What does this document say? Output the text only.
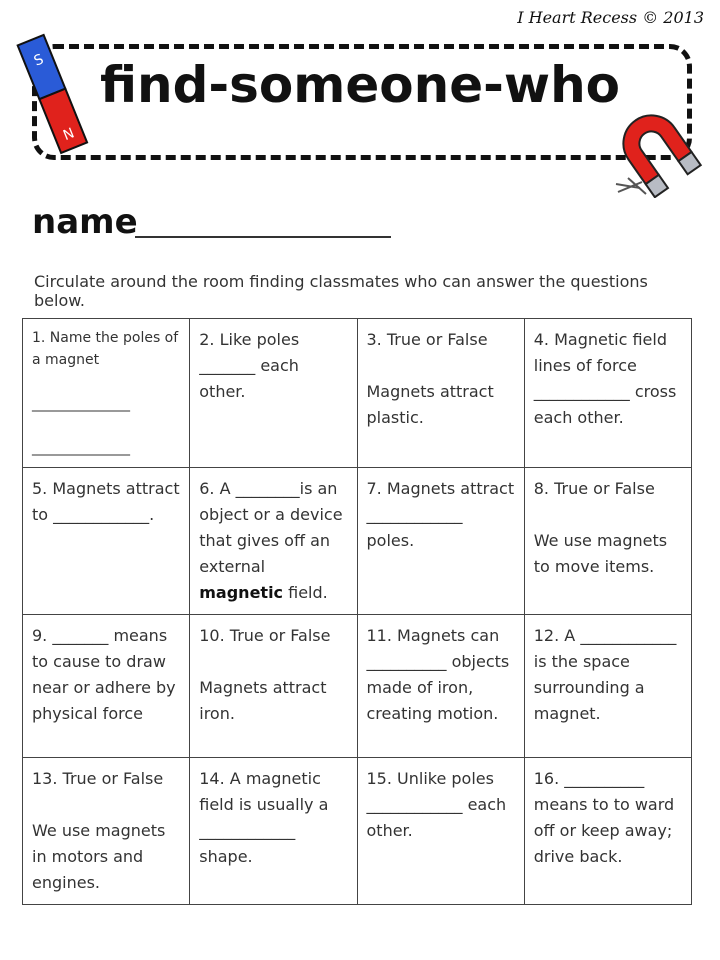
I Heart Recess © 2013
find-someone-who
S
N
name
Circulate around the room finding classmates who can answer the questions below.
1. Name the poles of a magnet

______________

______________	2. Like poles _______ each other.	3. True or False

Magnets attract plastic.	4. Magnetic field lines of force ____________ cross each other.

5. Magnets attract to ____________.	6. A ________is an object or a device that gives off an external magnetic field.	7. Magnets attract ____________ poles.	8. True or False

We use magnets to move items.

9. _______ means to cause to draw near or adhere by physical force	10. True or False

Magnets attract iron.	11. Magnets can __________ objects made of iron, creating motion.	12. A ____________ is the space surrounding a magnet.

13. True or False

We use magnets in motors and engines.	14. A magnetic field is usually a ____________ shape.	15. Unlike poles ____________ each other.	16. __________ means to to ward off or keep away; drive back.
